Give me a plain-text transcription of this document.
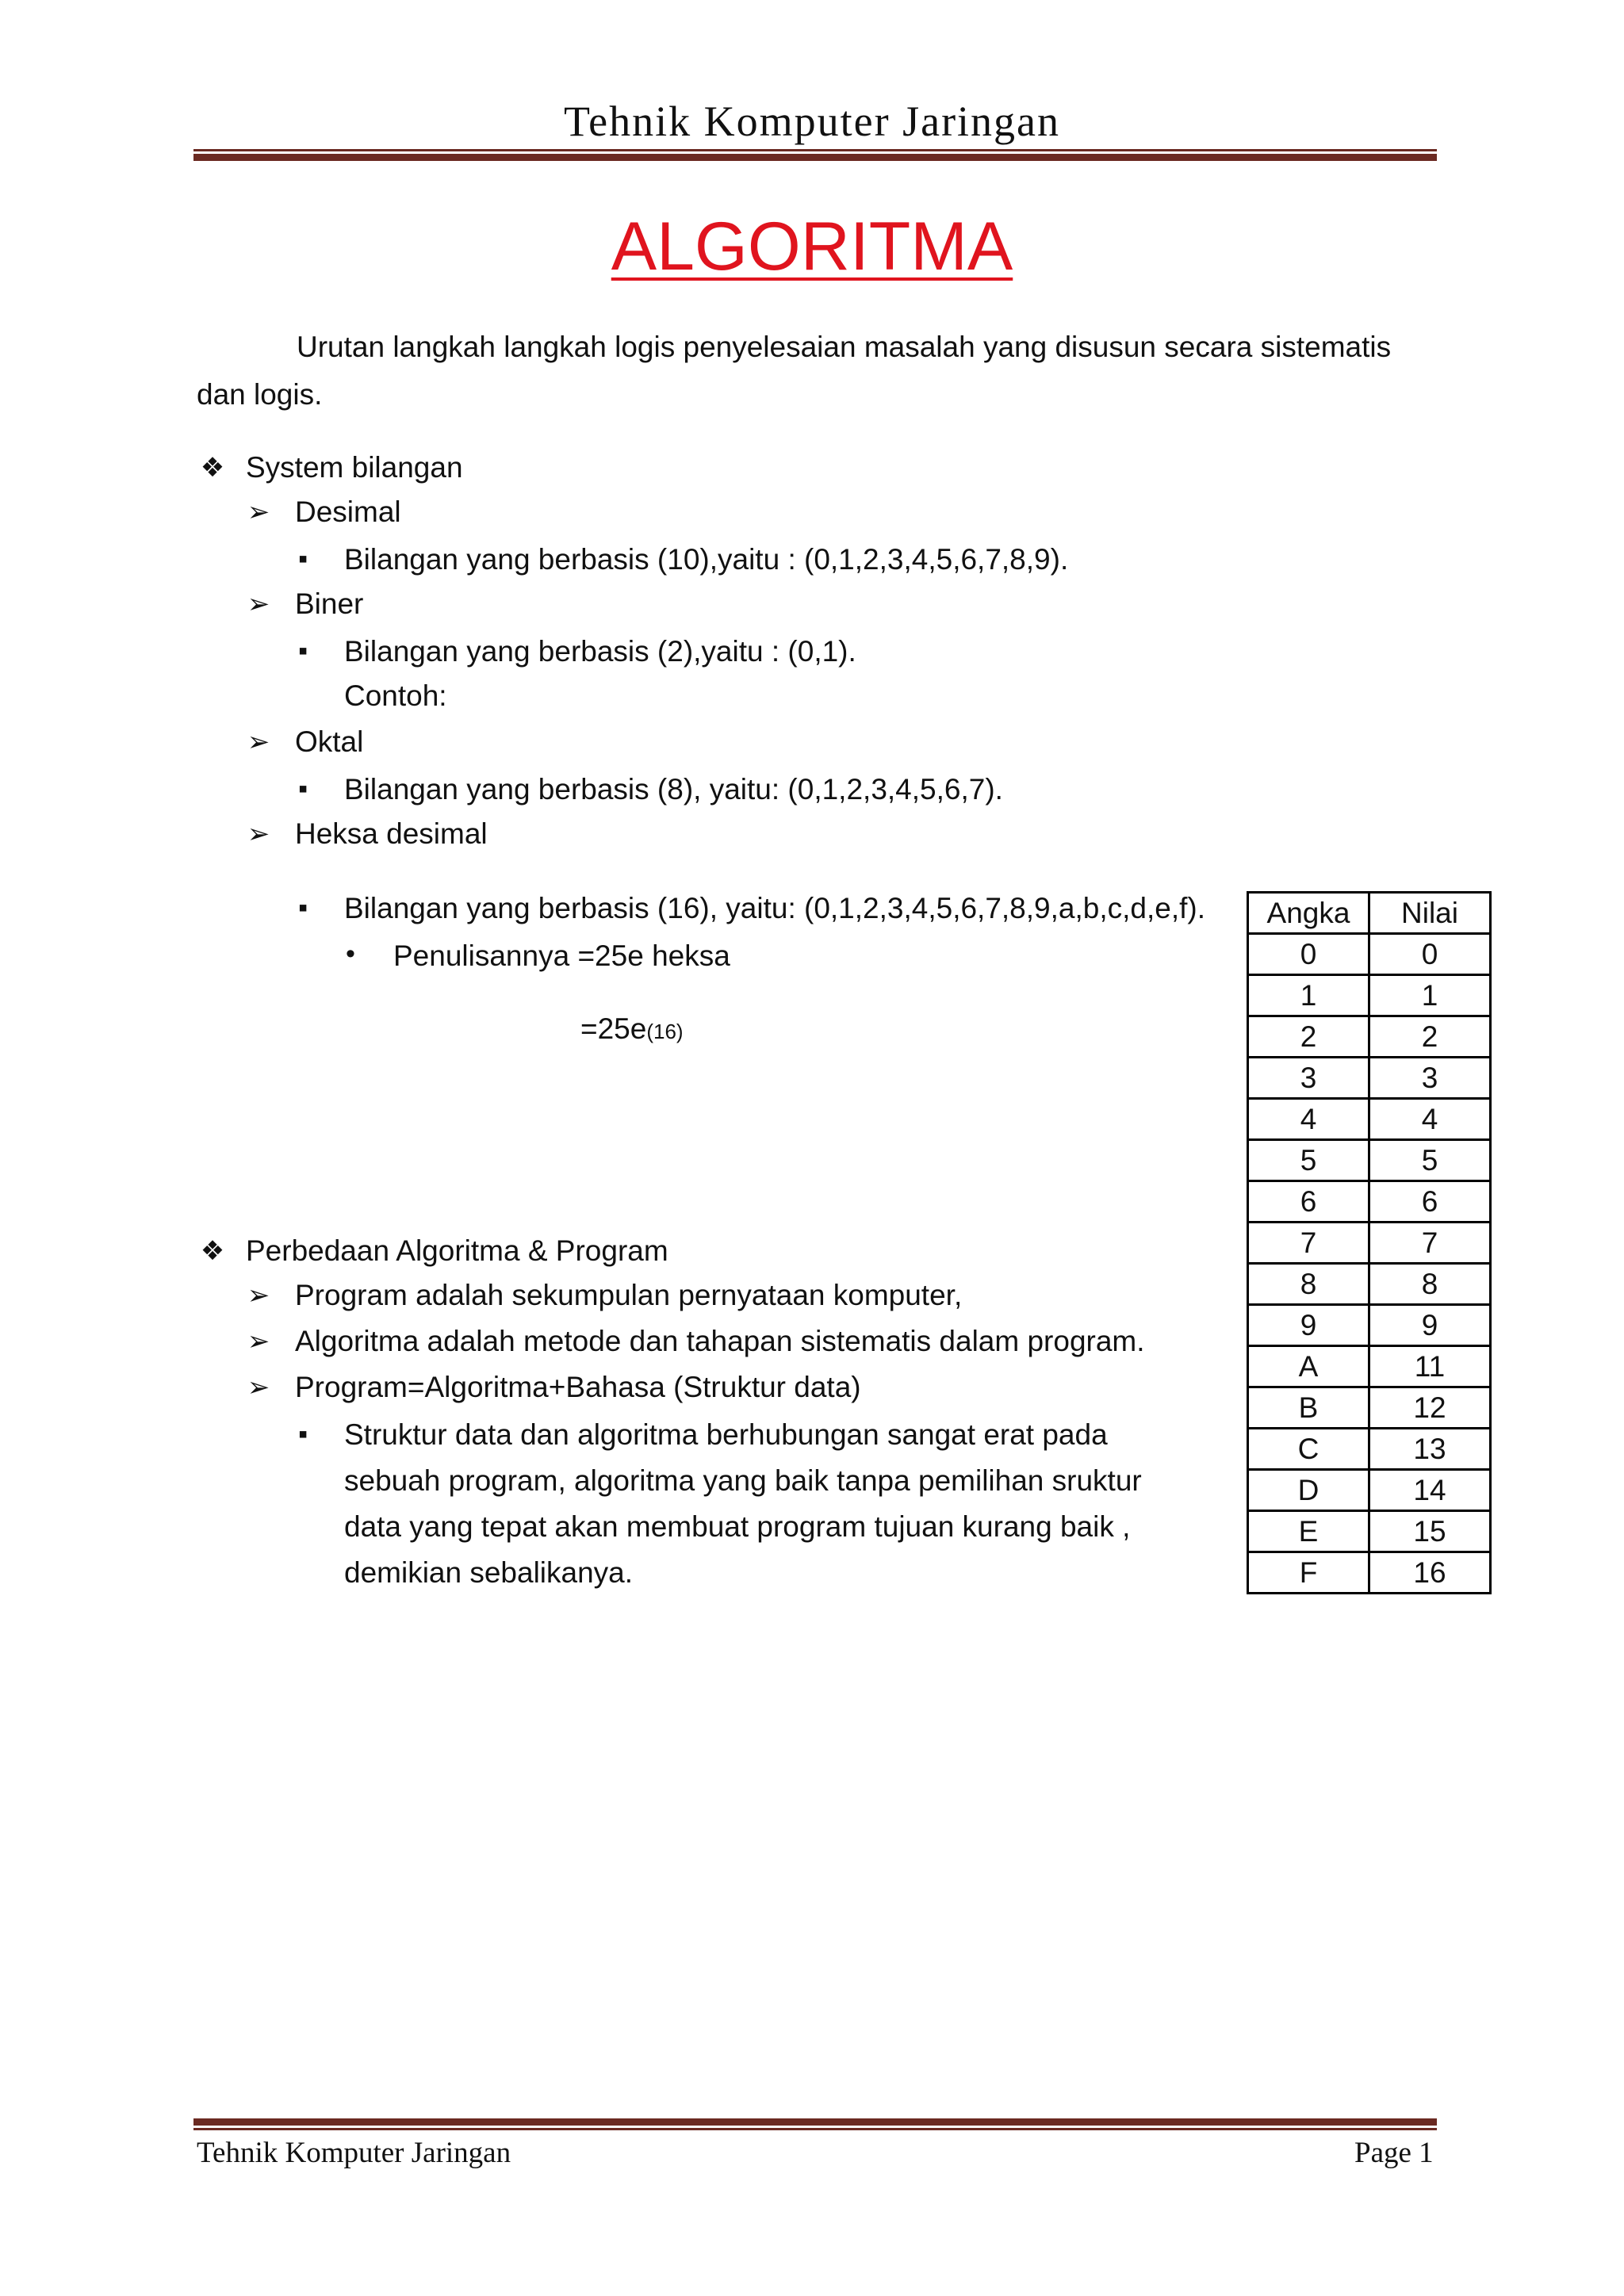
Tehnik Komputer Jaringan
ALGORITMA
Urutan langkah langkah logis penyelesaian masalah yang disusun secara sistematis
dan logis.
❖ System bilangan
➢ Desimal
▪	Bilangan yang berbasis (10),yaitu : (0,1,2,3,4,5,6,7,8,9).
➢ Biner
▪	Bilangan yang berbasis (2),yaitu : (0,1).
Contoh:
➢ Oktal
▪	Bilangan yang berbasis (8), yaitu: (0,1,2,3,4,5,6,7).
➢ Heksa desimal
▪	Bilangan yang berbasis (16), yaitu: (0,1,2,3,4,5,6,7,8,9,a,b,c,d,e,f).
•	Penulisannya =25e heksa
=25e(16)
❖ Perbedaan Algoritma & Program
➢ Program adalah sekumpulan pernyataan komputer,
➢ Algoritma adalah metode dan tahapan sistematis dalam program.
➢ Program=Algoritma+Bahasa (Struktur data)
▪	Struktur data dan algoritma berhubungan sangat erat pada
sebuah program, algoritma yang baik tanpa pemilihan sruktur
data yang tepat akan membuat program tujuan kurang baik ,
demikian sebalikanya.
Angka	Nilai
0	0
1	1
2	2
3	3
4	4
5	5
6	6
7	7
8	8
9	9
A	11
B	12
C	13
D	14
E	15
F	16
Tehnik Komputer Jaringan	Page 1
